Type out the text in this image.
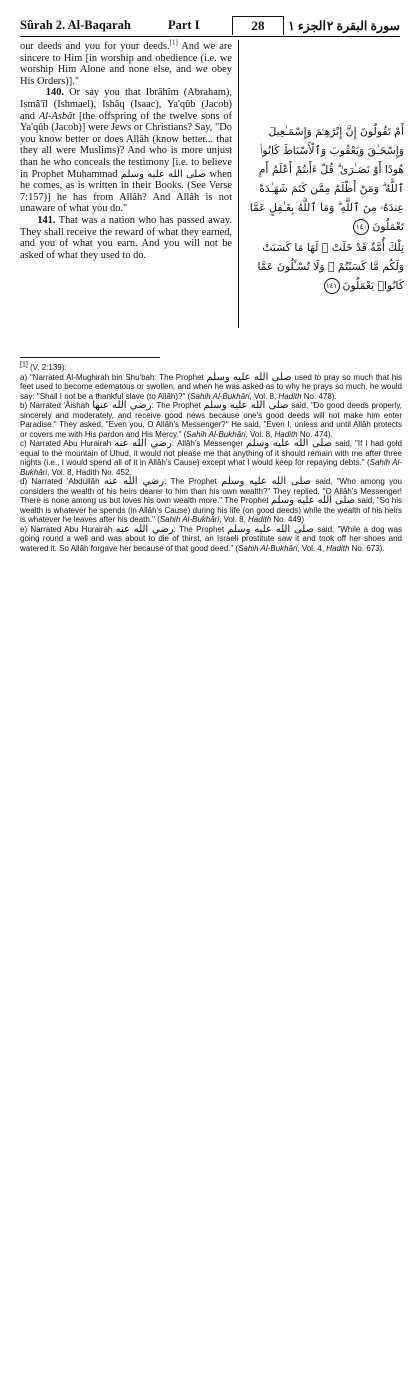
Sûrah 2. Al-Baqarah	Part I	28	الجزء ١ سورة البقرة ٢

our deeds and you for your deeds.[1] And we are sincere to Him [in worship and obedience (i.e. we worship Him Alone and none else, and we obey His Orders)]."

140. Or say you that Ibrâhîm (Abraham), Ismâ'îl (Ishmael), Ishâq (Isaac), Ya'qûb (Jacob) and Al-Asbât [the offspring of the twelve sons of Ya'qûb (Jacob)] were Jews or Christians? Say, "Do you know better or does Allâh (know better... that they all were Muslims)? And who is more unjust than he who conceals the testimony [i.e. to believe in Prophet Muhammad صلى الله عليه وسلم when he comes, as is written in their Books. (See Verse 7:157)] he has from Allâh? And Allâh is not unaware of what you do."

141. That was a nation who has passed away. They shall receive the reward of what they earned, and you of what you earn. And you will not be asked of what they used to do.

أَمْ تَقُولُونَ إِنَّ إِبْرَٰهِـۧمَ وَإِسْمَـٰعِيلَ وَإِسْحَـٰقَ وَيَعْقُوبَ وَٱلْأَسْبَاطَ كَانُوا۟ هُودًا أَوْ نَصَـٰرَىٰ ۗ قُلْ ءَأَنتُمْ أَعْلَمُ أَمِ ٱللَّهُ ۗ وَمَنْ أَظْلَمُ مِمَّن كَتَمَ شَهَـٰدَةً عِندَهُۥ مِنَ ٱللَّهِ ۗ وَمَا ٱللَّهُ بِغَـٰفِلٍ عَمَّا تَعْمَلُونَ١٤٠
تِلْكَ أُمَّةٌ قَدْ خَلَتْ ۖ لَهَا مَا كَسَبَتْ وَلَكُم مَّا كَسَبْتُمْ ۖ وَلَا تُسْـَٔلُونَ عَمَّا كَانُوا۟ يَعْمَلُونَ١٤١

[1] (V. 2:139):

a) "Narrated Al-Mughirah bin Shu'bah: The Prophet صلى الله عليه وسلم used to pray so much that his feet used to become edematous or swollen, and when he was asked as to why he prays so much, he would say: "Shall I not be a thankful slave (to Allâh)?" (Sahih Al-Bukhâri, Vol. 8, Hadith No. 478).

b) Narrated 'Âishah رضي الله عنها: The Prophet صلى الله عليه وسلم said, "Do good deeds properly, sincerely and moderately, and receive good news because one's good deeds will not make him enter Paradise." They asked, "Even you, O Allâh's Messenger?" He said, "Even I, unless and until Allâh protects or covers me with His pardon and His Mercy." (Sahih Al-Bukhâri, Vol. 8, Hadith No. 474).

c) Narrated Abu Hurairah رضي الله عنه: Allâh's Messenger صلى الله عليه وسلم said, "If I had gold equal to the mountain of Uhud, it would not please me that anything of it should remain with me after three nights (i.e., I would spend all of it in Allâh's Cause) except what I would keep for repaying debts." (Sahih Al-Bukhâri, Vol. 8, Hadith No. 452.

d) Narrated 'Abdullâh رضي الله عنه: The Prophet صلى الله عليه وسلم said, "Who among you considers the wealth of his heirs dearer to him than his own wealth?" They replied, "O Allâh's Messenger! There is none among us but loves his own wealth more." The Prophet صلى الله عليه وسلم said, "So his wealth is whatever he spends (in Allâh's Cause) during his life (on good deeds) while the wealth of his heirs is whatever he leaves after his death." (Sahih Al-Bukhâri, Vol. 8, Hadith No. 449)

e) Narrated Abu Hurairah رضي الله عنه: The Prophet صلى الله عليه وسلم said, "While a dog was going round a well and was about to die of thirst, an Israeli prostitute saw it and took off her shoes and watered it. So Allâh forgave her because of that good deed." (Sahih Al-Bukhâri, Vol. 4, Hadith No. 673).
